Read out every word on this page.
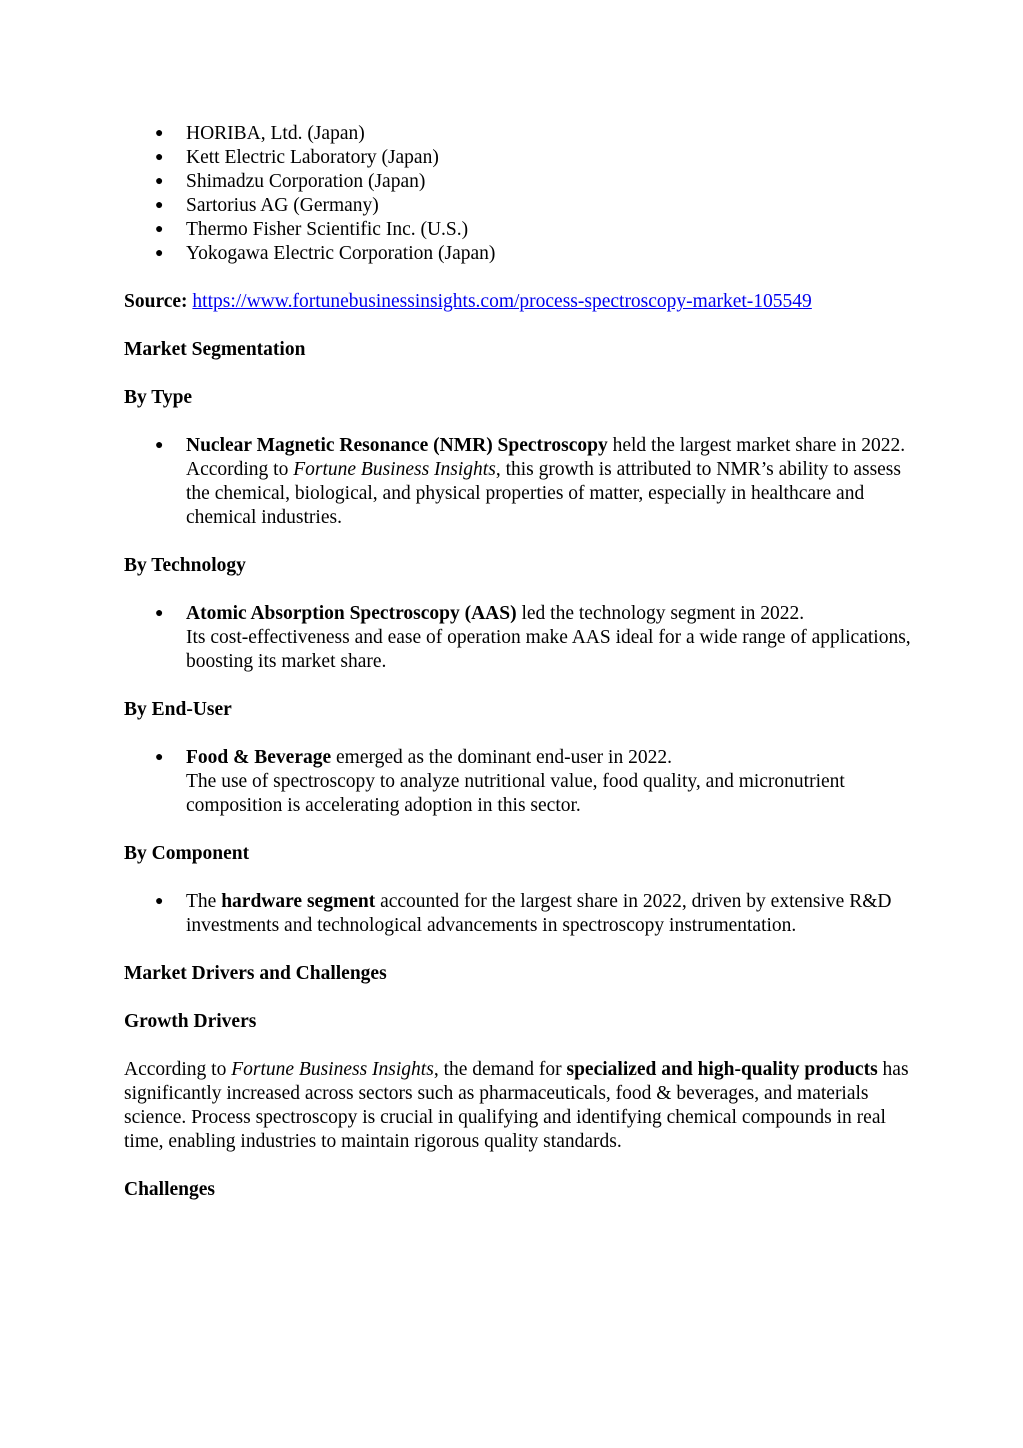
● HORIBA, Ltd. (Japan)
● Kett Electric Laboratory (Japan)
● Shimadzu Corporation (Japan)
● Sartorius AG (Germany)
● Thermo Fisher Scientific Inc. (U.S.)
● Yokogawa Electric Corporation (Japan)

Source: https://www.fortunebusinessinsights.com/process-spectroscopy-market-105549

Market Segmentation

By Type

● Nuclear Magnetic Resonance (NMR) Spectroscopy held the largest market share in 2022.
According to Fortune Business Insights, this growth is attributed to NMR’s ability to assess the chemical, biological, and physical properties of matter, especially in healthcare and chemical industries.

By Technology

● Atomic Absorption Spectroscopy (AAS) led the technology segment in 2022.
Its cost-effectiveness and ease of operation make AAS ideal for a wide range of applications, boosting its market share.

By End-User

● Food & Beverage emerged as the dominant end-user in 2022.
The use of spectroscopy to analyze nutritional value, food quality, and micronutrient composition is accelerating adoption in this sector.

By Component

● The hardware segment accounted for the largest share in 2022, driven by extensive R&D investments and technological advancements in spectroscopy instrumentation.

Market Drivers and Challenges

Growth Drivers

According to Fortune Business Insights, the demand for specialized and high-quality products has significantly increased across sectors such as pharmaceuticals, food & beverages, and materials science. Process spectroscopy is crucial in qualifying and identifying chemical compounds in real time, enabling industries to maintain rigorous quality standards.

Challenges
